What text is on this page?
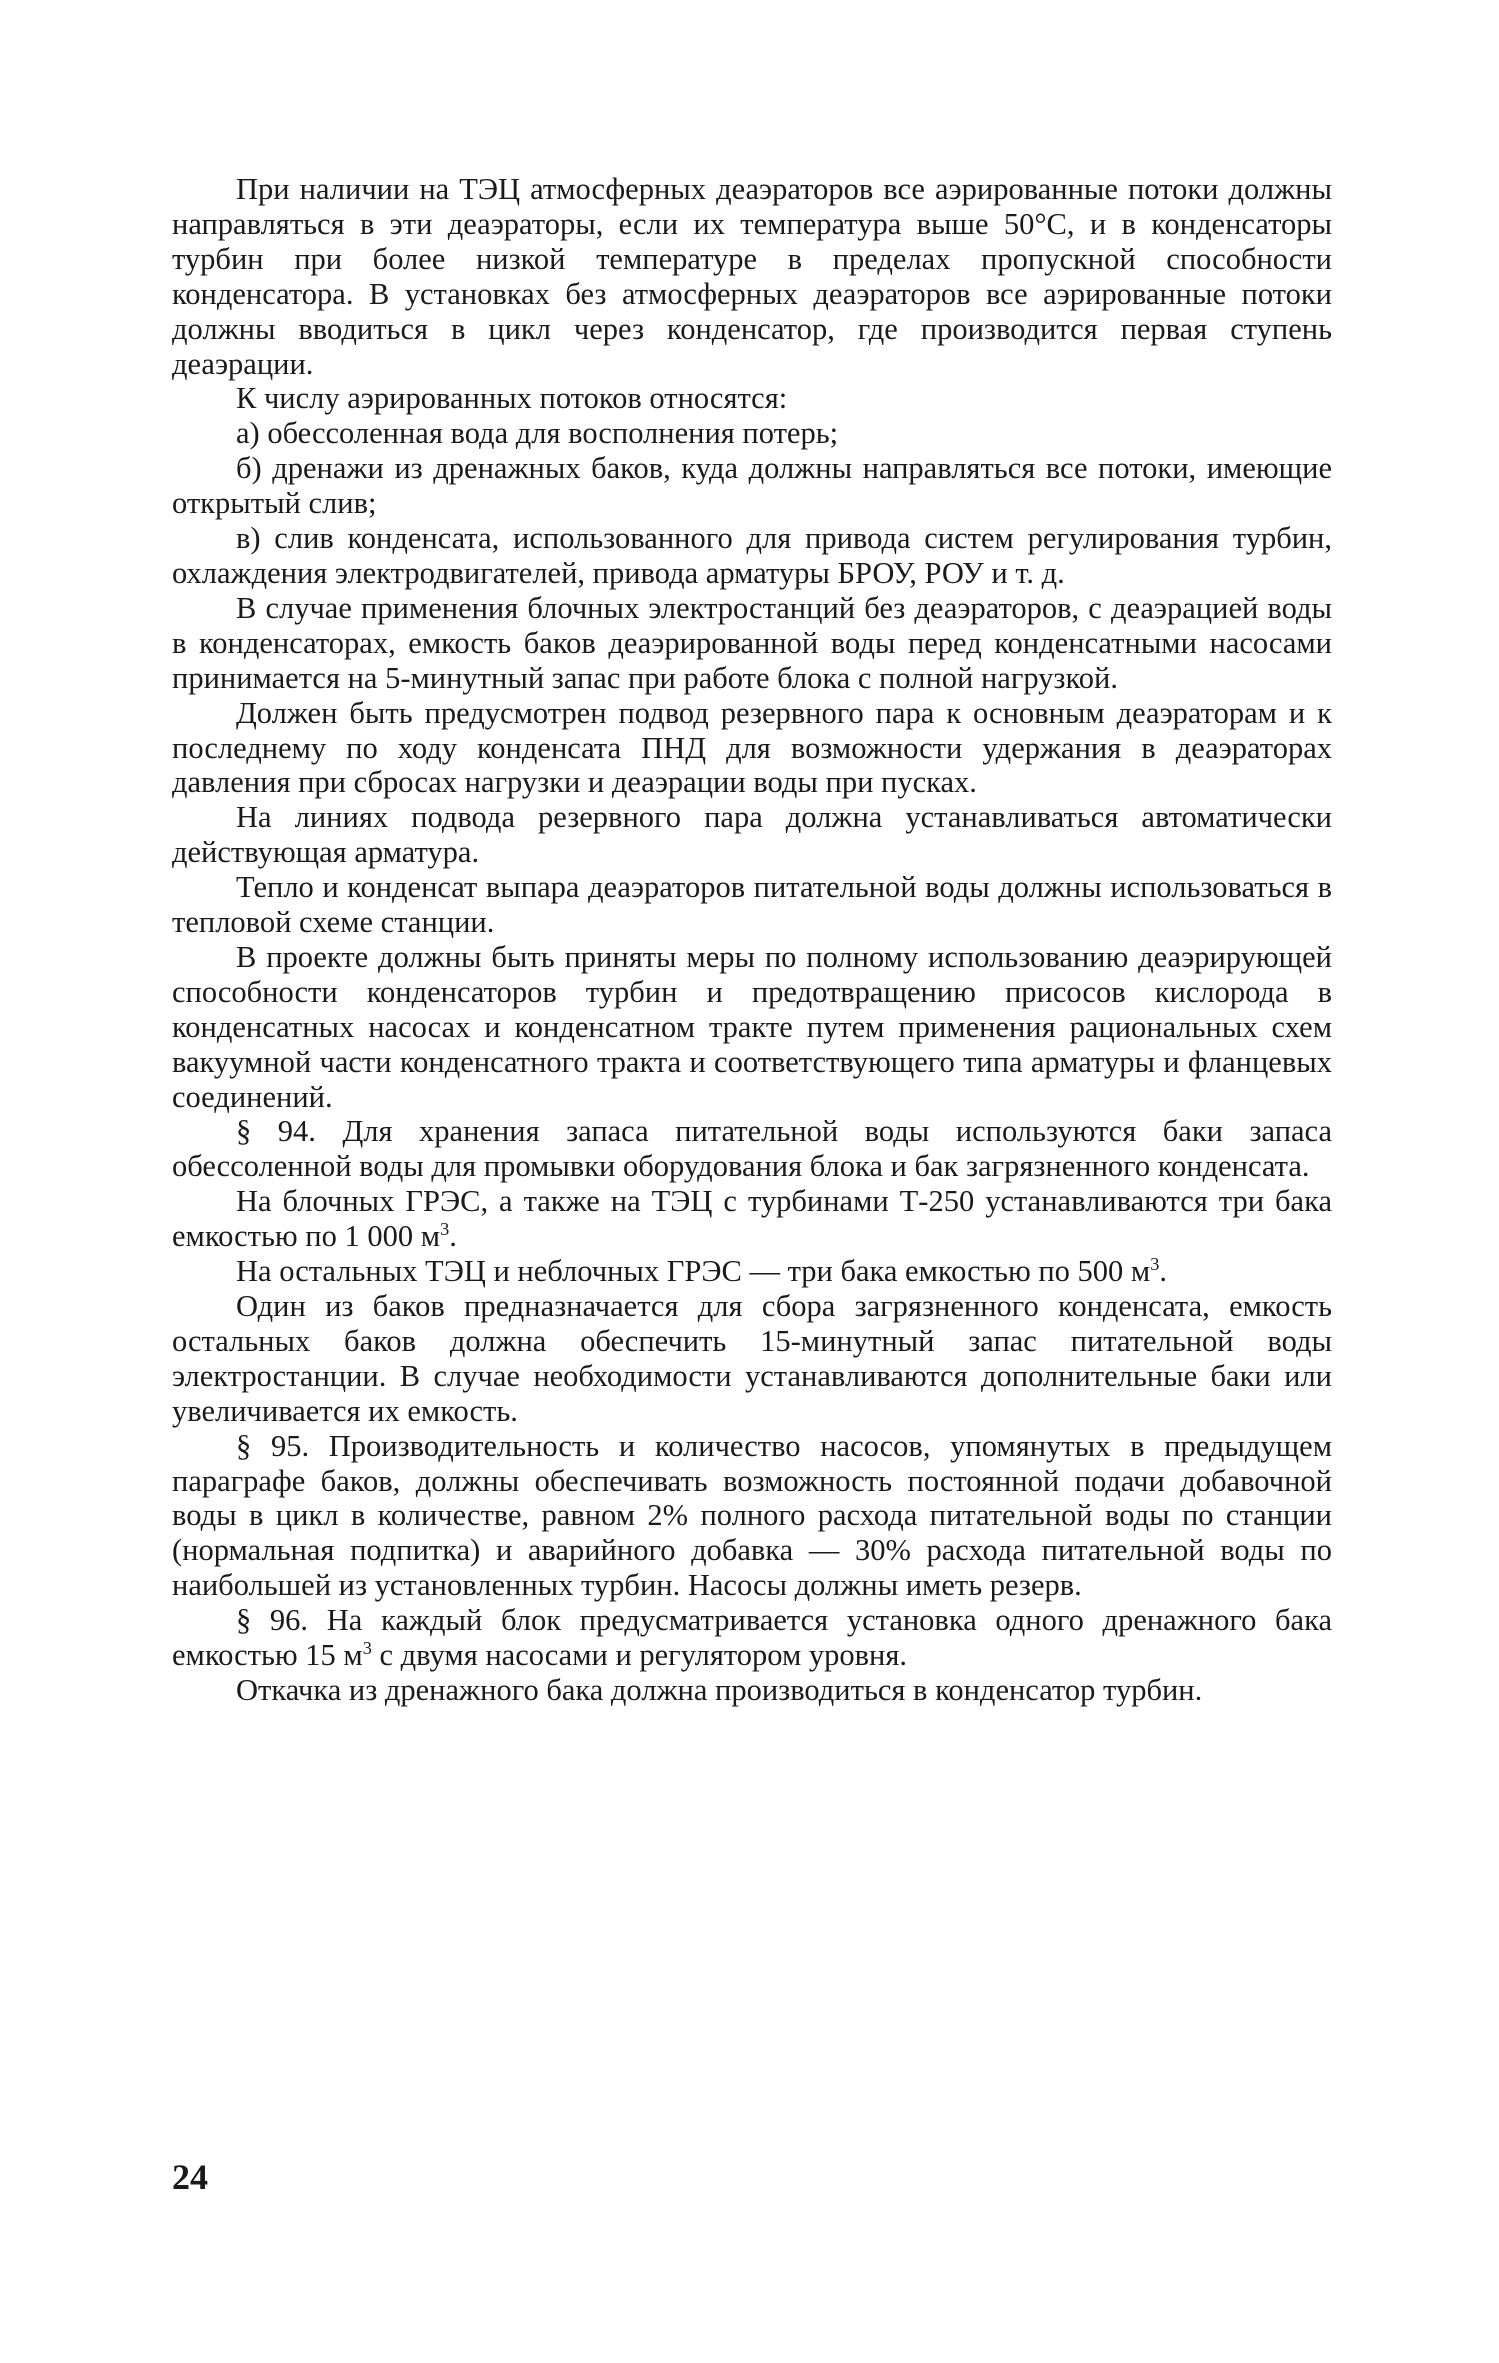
При наличии на ТЭЦ атмосферных деаэраторов все аэрированные потоки должны направляться в эти деаэраторы, если их температура выше 50°С, и в конденсаторы турбин при более низкой температуре в пределах пропускной способности конденсатора. В установках без атмосферных деаэраторов все аэрированные потоки должны вводиться в цикл через конденсатор, где производится первая ступень деаэрации.

К числу аэрированных потоков относятся:

а) обессоленная вода для восполнения потерь;

б) дренажи из дренажных баков, куда должны направляться все потоки, имеющие открытый слив;

в) слив конденсата, использованного для привода систем регулирования турбин, охлаждения электродвигателей, привода арматуры БРОУ, РОУ и т. д.

В случае применения блочных электростанций без деаэраторов, с деаэрацией воды в конденсаторах, емкость баков деаэрированной воды перед конденсатными насосами принимается на 5-минутный запас при работе блока с полной нагрузкой.

Должен быть предусмотрен подвод резервного пара к основным деаэраторам и к последнему по ходу конденсата ПНД для возможности удержания в деаэраторах давления при сбросах нагрузки и деаэрации воды при пусках.

На линиях подвода резервного пара должна устанавливаться автоматически действующая арматура.

Тепло и конденсат выпара деаэраторов питательной воды должны использоваться в тепловой схеме станции.

В проекте должны быть приняты меры по полному использованию деаэрирующей способности конденсаторов турбин и предотвращению присосов кислорода в конденсатных насосах и конденсатном тракте путем применения рациональных схем вакуумной части конденсатного тракта и соответствующего типа арматуры и фланцевых соединений.

§ 94. Для хранения запаса питательной воды используются баки запаса обессоленной воды для промывки оборудования блока и бак загрязненного конденсата.

На блочных ГРЭС, а также на ТЭЦ с турбинами Т-250 устанавливаются три бака емкостью по 1 000 $м^3$.

На остальных ТЭЦ и неблочных ГРЭС — три бака емкостью по 500 $м^3$.

Один из баков предназначается для сбора загрязненного конденсата, емкость остальных баков должна обеспечить 15-минутный запас питательной воды электростанции. В случае необходимости устанавливаются дополнительные баки или увеличивается их емкость.

§ 95. Производительность и количество насосов, упомянутых в предыдущем параграфе баков, должны обеспечивать возможность постоянной подачи добавочной воды в цикл в количестве, равном 2% полного расхода питательной воды по станции (нормальная подпитка) и аварийного добавка — 30% расхода питательной воды по наибольшей из установленных турбин. Насосы должны иметь резерв.

§ 96. На каждый блок предусматривается установка одного дренажного бака емкостью 15 $м^3$ с двумя насосами и регулятором уровня.

Откачка из дренажного бака должна производиться в конденсатор турбин.

24
